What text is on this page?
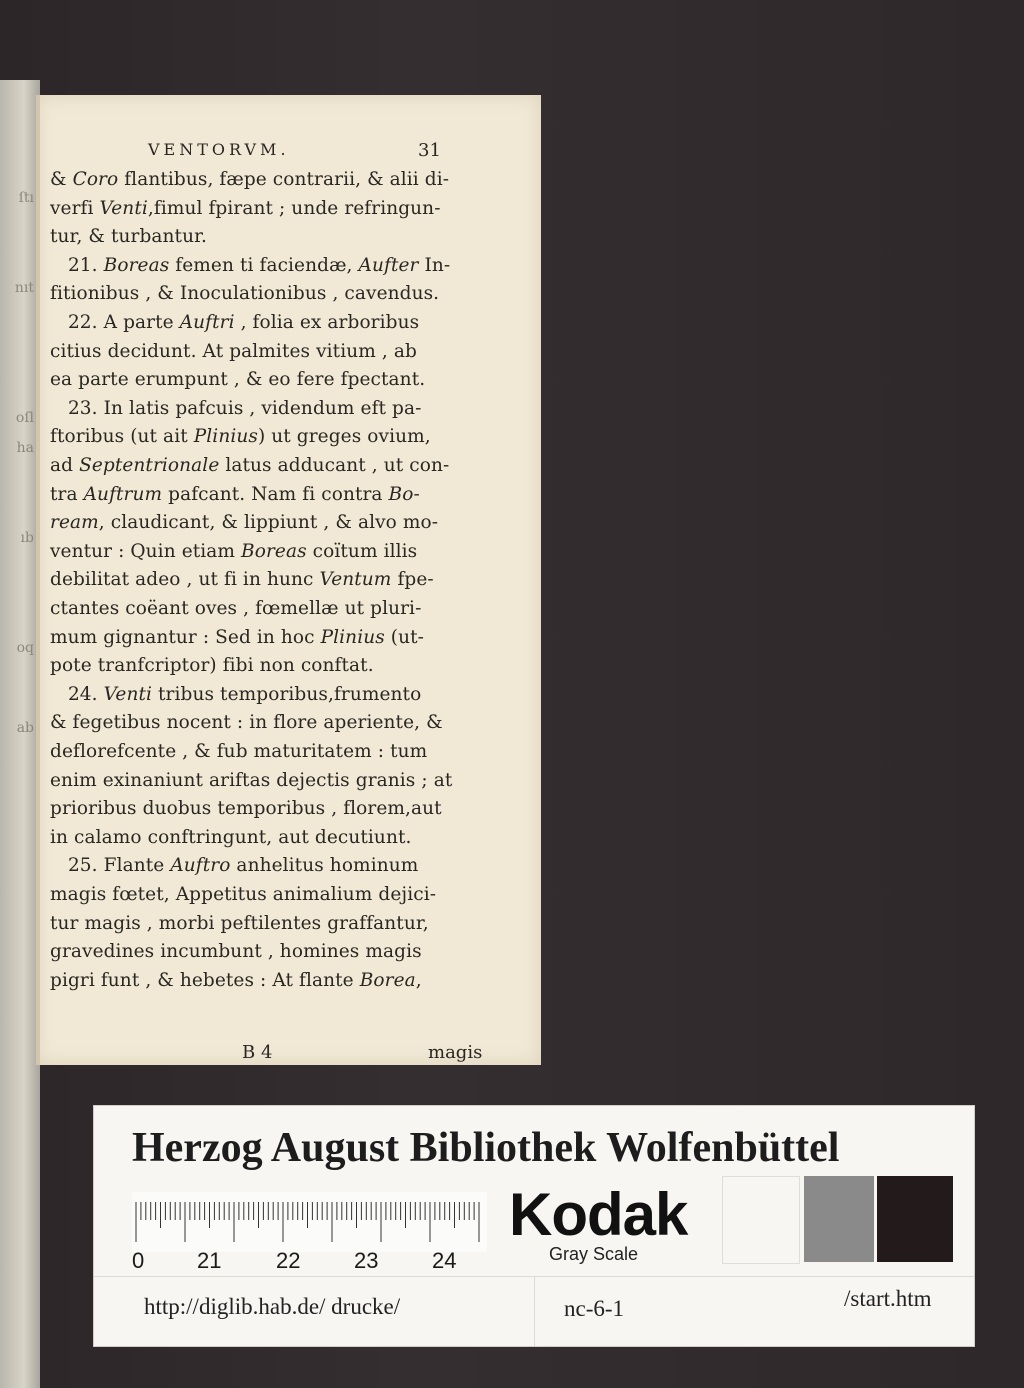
ſtı
nıt
oſl
ha
ıb
oq
ab
VENTORVM.	31
& Coro flantibus, fæpe contrarii, & alii di-
verfi Venti,fimul fpirant ; unde refringun-
tur, & turbantur.
21. Boreas femen ti faciendæ, Aufter In-
fitionibus , & Inoculationibus , cavendus.
22. A parte Auftri , folia ex arboribus
citius decidunt. At palmites vitium , ab
ea parte erumpunt , & eo fere fpectant.
23. In latis pafcuis , videndum eft pa-
ftoribus (ut ait Plinius) ut greges ovium,
ad Septentrionale latus adducant , ut con-
tra Auftrum pafcant. Nam fi contra Bo-
ream, claudicant, & lippiunt , & alvo mo-
ventur : Quin etiam Boreas coïtum illis
debilitat adeo , ut fi in hunc Ventum fpe-
ctantes coëant oves , fœmellæ ut pluri-
mum gignantur : Sed in hoc Plinius (ut-
pote tranfcriptor) fibi non conftat.
24. Venti tribus temporibus,frumento
& fegetibus nocent : in flore aperiente, &
deflorefcente , & fub maturitatem : tum
enim exinaniunt ariftas dejectis granis ; at
prioribus duobus temporibus , florem,aut
in calamo conftringunt, aut decutiunt.
25. Flante Auftro anhelitus hominum
magis fœtet, Appetitus animalium dejici-
tur magis , morbi peftilentes graffantur,
gravedines incumbunt , homines magis
pigri funt , & hebetes : At flante Borea,
B 4	magis
Herzog August Bibliothek Wolfenbüttel
0 21 22 23 24
Kodak
Gray Scale
http://diglib.hab.de/ drucke/	nc-6-1	/start.htm
